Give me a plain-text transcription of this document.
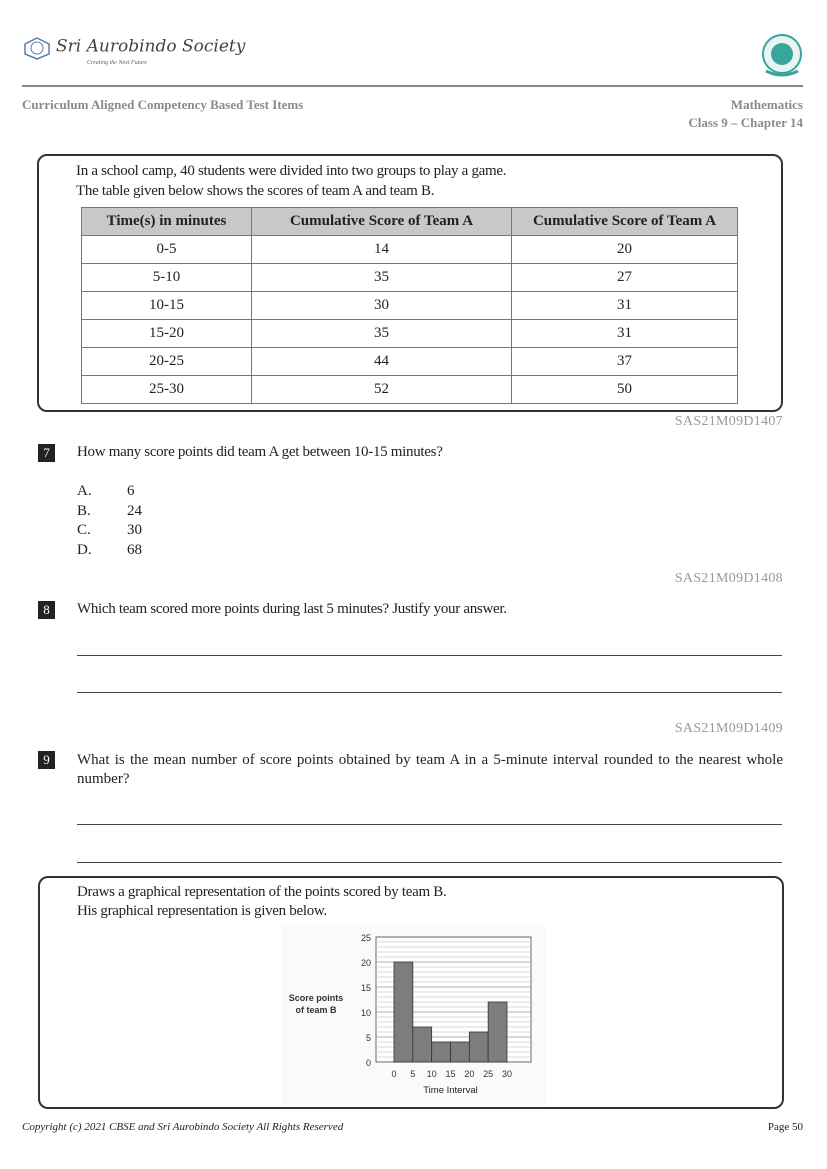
Sri Aurobindo Society
Creating the Next Future
Curriculum Aligned Competency Based Test Items	Mathematics
Class 9 – Chapter 14
In a school camp, 40 students were divided into two groups to play a game.
The table given below shows the scores of team A and team B.
Time(s) in minutes	Cumulative Score of Team A	Cumulative Score of Team A
0-5	14	20
5-10	35	27
10-15	30	31
15-20	35	31
20-25	44	37
25-30	52	50
SAS21M09D1407
7	How many score points did team A get between 10-15 minutes?
A. 6
B. 24
C. 30
D. 68
SAS21M09D1408
8	Which team scored more points during last 5 minutes? Justify your answer.
SAS21M09D1409
9	What is the mean number of score points obtained by team A in a 5-minute interval rounded to the nearest whole number?
Draws a graphical representation of the points scored by team B.
His graphical representation is given below.
0
5
10
15
20
25
0 5 10 15 20 25 30
Time Interval
Score points
of team B
Copyright (c) 2021 CBSE and Sri Aurobindo Society All Rights Reserved	Page 50
